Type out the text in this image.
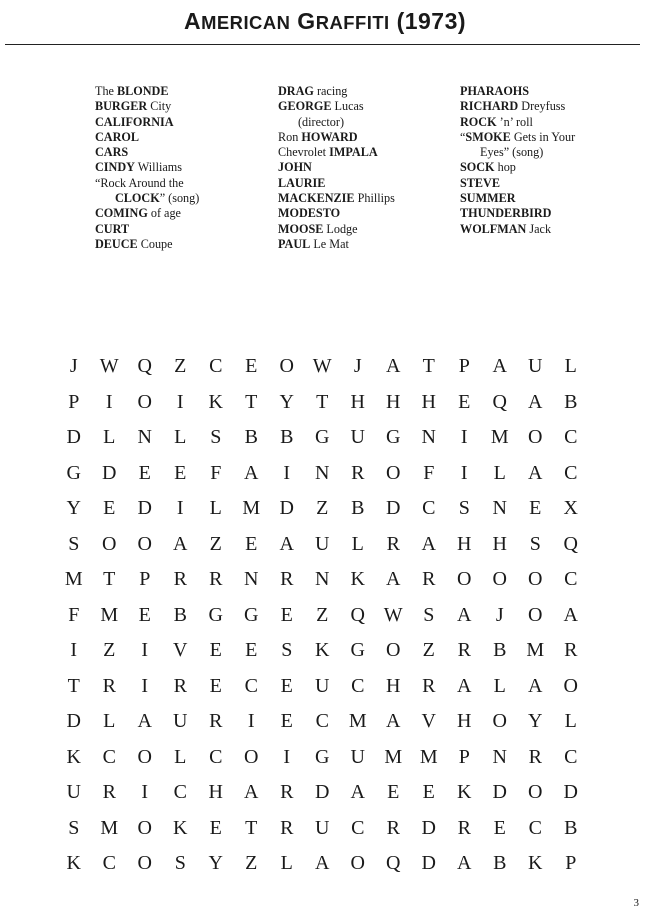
AMERICAN GRAFFITI (1973)
The BLONDE
BURGER City
CALIFORNIA
CAROL
CARS
CINDY Williams
“Rock Around the
CLOCK” (song)
COMING of age
CURT
DEUCE Coupe
DRAG racing
GEORGE Lucas
(director)
Ron HOWARD
Chevrolet IMPALA
JOHN
LAURIE
MACKENZIE Phillips
MODESTO
MOOSE Lodge
PAUL Le Mat
PHARAOHS
RICHARD Dreyfuss
ROCK ’n’ roll
“SMOKE Gets in Your
Eyes” (song)
SOCK hop
STEVE
SUMMER
THUNDERBIRD
WOLFMAN Jack
J	W Q	Z	C	E	O W	J	A	T	P	A	U	L
P	I	O	I	K	T	Y	T	H	H	H	E	Q	A	B
D	L	N	L	S	B	B	G	U	G	N	I	M O	C
G	D	E	E	F	A	I	N	R	O	F	I	L	A	C
Y	E	D	I	L	M D	Z	B	D	C	S	N	E	X
S	O	O	A	Z	E	A	U	L	R	A	H	H	S	Q
M	T	P	R	R	N	R	N	K	A	R	O	O	O	C
F	M	E	B	G	G	E	Z	Q W	S	A	J	O	A
I	Z	I	V	E	E	S	K	G	O	Z	R	B M R
T	R	I	R	E	C	E	U	C	H	R	A	L	A	O
D	L	A	U	R	I	E	C M A	V	H	O	Y	L
K	C	O	L	C	O	I	G	U M M	P	N	R	C
U	R	I	C	H	A	R	D	A	E	E	K	D	O	D
S	M O	K	E	T	R	U	C	R	D	R	E	C	B
K	C	O	S	Y	Z	L	A	O	Q	D	A	B	K	P
3
